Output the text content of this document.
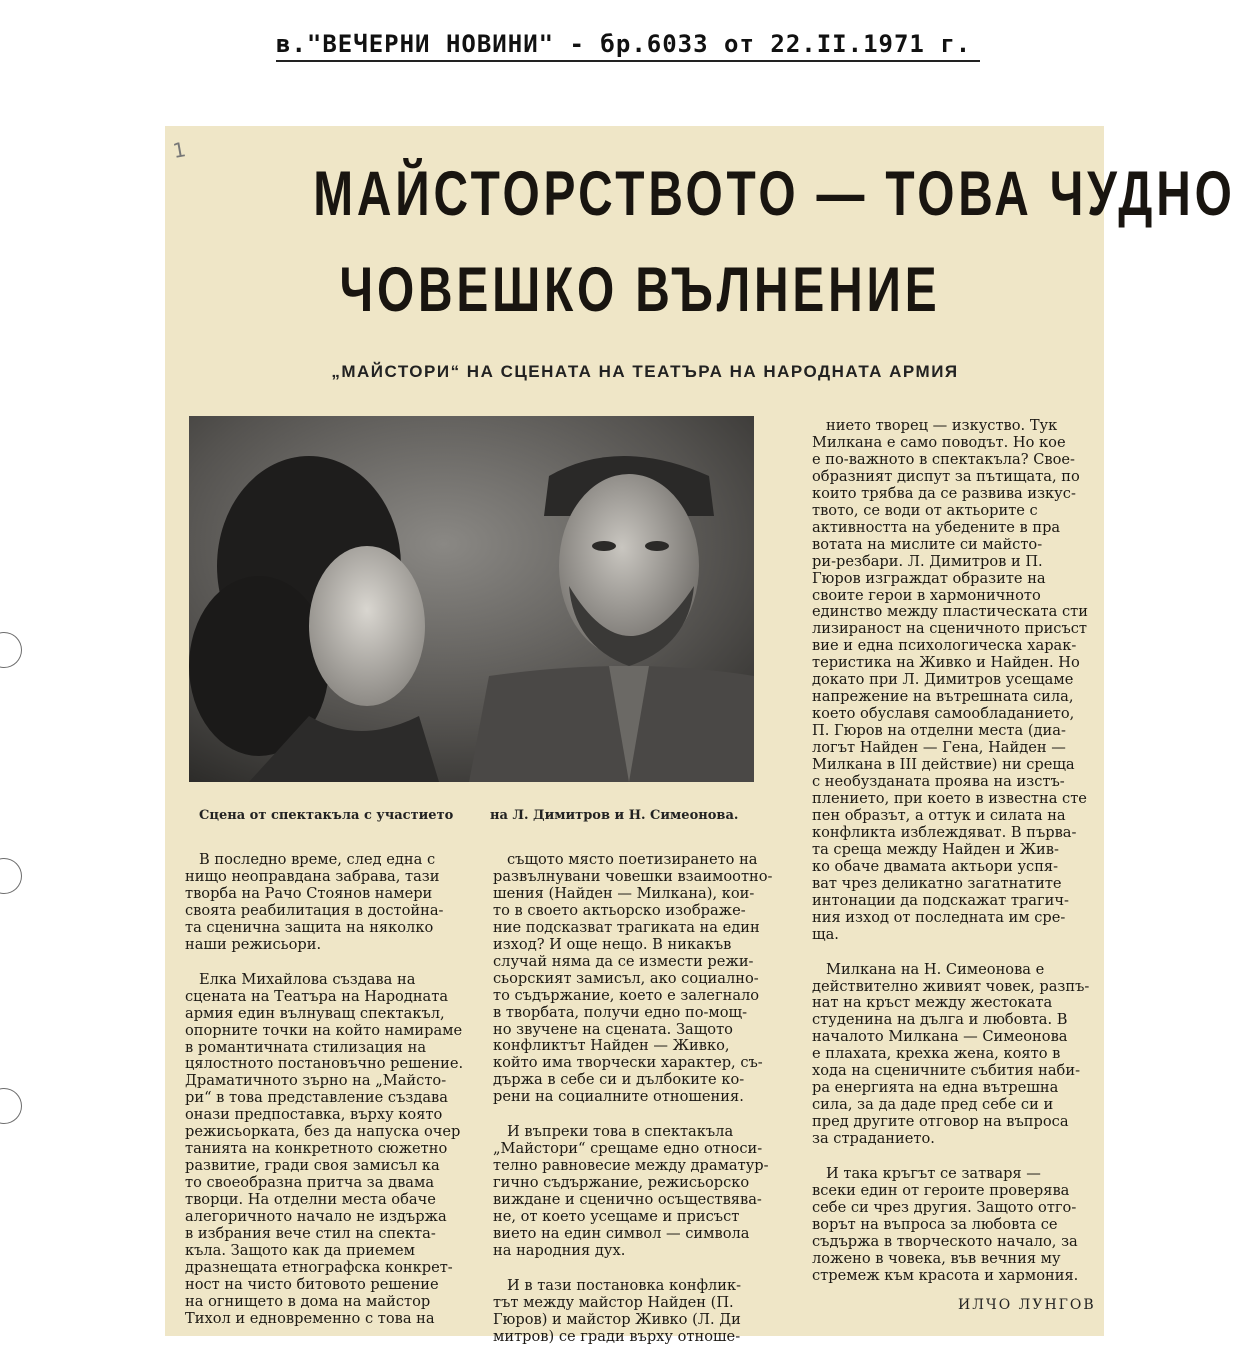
в."ВЕЧЕРНИ НОВИНИ" - бр.6033 от 22.II.1971 г.
1
МАЙСТОРСТВОТО — ТОВА ЧУДНО
ЧОВЕШКО ВЪЛНЕНИЕ
„МАЙСТОРИ“ НА СЦЕНАТА НА ТЕАТЪРА НА НАРОДНАТА АРМИЯ
Сцена от спектакъла с участието	на Л. Димитров и Н. Симеонова.

В последно време, след една с
нищо неоправдана забрава, тази
творба на Рачо Стоянов намери
своята реабилитация в достойна-
та сценична защита на няколко
наши режисьори.

Елка Михайлова създава на
сцената на Театъра на Народната
армия един вълнуващ спектакъл,
опорните точки на който намираме
в романтичната стилизация на
цялостното постановъчно решение.
Драматичното зърно на „Майсто-
ри“ в това представление създава
онази предпоставка, върху която
режисьорката, без да напуска очер
танията на конкретното сюжетно
развитие, гради своя замисъл ка
то своеобразна притча за двама
творци. На отделни места обаче
алегоричното начало не издържа
в избрания вече стил на спекта-
къла. Защото как да приемем
дразнещата етнографска конкрет-
ност на чисто битовото решение
на огнището в дома на майстор
Тихол и едновременно с това на

същото място поетизирането на
развълнувани човешки взаимоотно-
шения (Найден — Милкана), кои-
то в своето актьорско изображе-
ние подсказват трагиката на един
изход? И още нещо. В никакъв
случай няма да се измести режи-
сьорският замисъл, ако социално-
то съдържание, което е залегнало
в творбата, получи едно по-мощ-
но звучене на сцената. Защото
конфликтът Найден — Живко,
който има творчески характер, съ-
държа в себе си и дълбоките ко-
рени на социалните отношения.

И въпреки това в спектакъла
„Майстори“ срещаме едно относи-
телно равновесие между драматур-
гично съдържание, режисьорско
виждане и сценично осъществява-
не, от което усещаме и присъст
вието на един символ — символа
на народния дух.

И в тази постановка конфлик-
тът между майстор Найден (П.
Гюров) и майстор Живко (Л. Ди
митров) се гради върху отноше-

нието творец — изкуство. Тук
Милкана е само поводът. Но кое
е по-важното в спектакъла? Свое-
образният диспут за пътищата, по
които трябва да се развива изкус-
твото, се води от актьорите с
активността на убедените в пра
вотата на мислите си майсто-
ри-резбари. Л. Димитров и П.
Гюров изграждат образите на
своите герои в хармоничното
единство между пластическата сти
лизираност на сценичното присъст
вие и една психологическа харак-
теристика на Живко и Найден. Но
докато при Л. Димитров усещаме
напрежение на вътрешната сила,
което обуславя самообладанието,
П. Гюров на отделни места (диа-
логът Найден — Гена, Найден —
Милкана в III действие) ни среща
с необузданата проява на изстъ-
плението, при което в известна сте
пен образът, а оттук и силата на
конфликта изблеждяват. В първа-
та среща между Найден и Жив-
ко обаче двамата актьори успя-
ват чрез деликатно загатнатите
интонации да подскажат трагич-
ния изход от последната им сре-
ща.

Милкана на Н. Симеонова е
действително живият човек, разпъ-
нат на кръст между жестоката
студенина на дълга и любовта. В
началото Милкана — Симеонова
е плахата, крехка жена, която в
хода на сценичните събития наби-
ра енергията на една вътрешна
сила, за да даде пред себе си и
пред другите отговор на въпроса
за страданието.

И така кръгът се затваря —
всеки един от героите проверява
себе си чрез другия. Защото отго-
ворът на въпроса за любовта се
съдържа в творческото начало, за
ложено в човека, във вечния му
стремеж към красота и хармония.

ИЛЧО ЛУНГОВ
